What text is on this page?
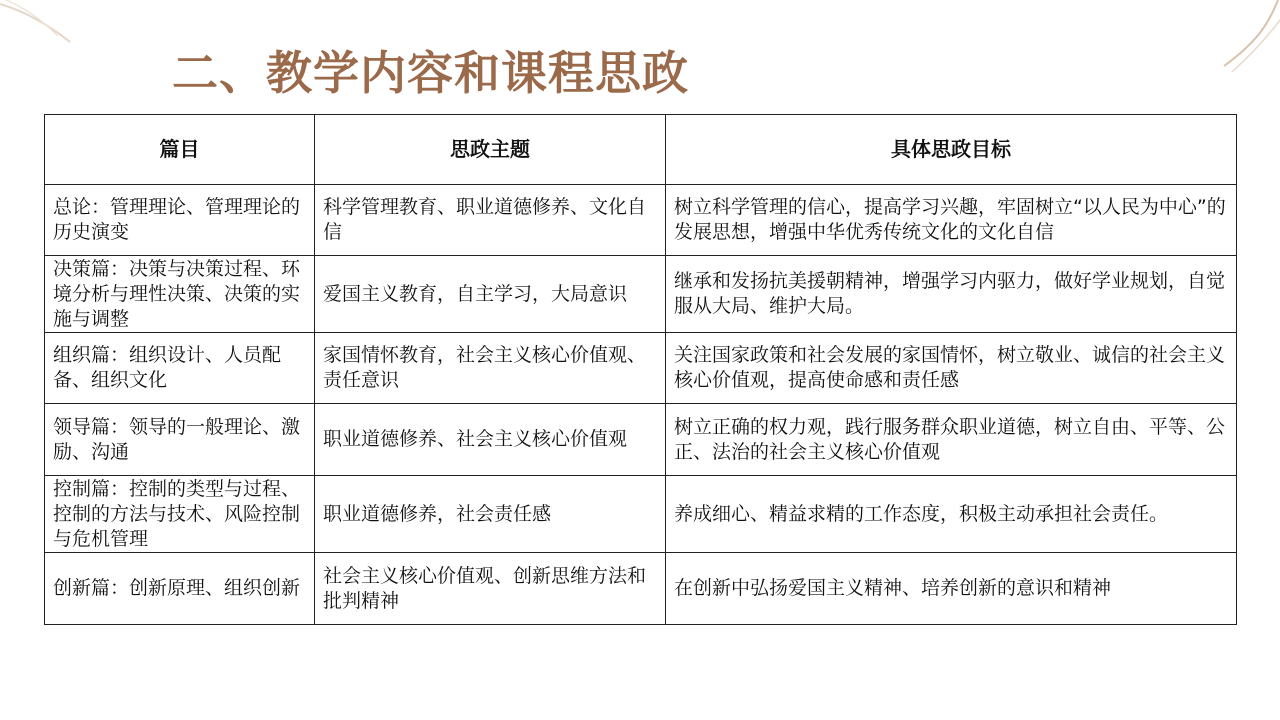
二、教学内容和课程思政
篇目	思政主题	具体思政目标
总论：管理理论、管理理论的历史演变	科学管理教育、职业道德修养、文化自信	树立科学管理的信心，提高学习兴趣，牢固树立“以人民为中心”的发展思想，增强中华优秀传统文化的文化自信
决策篇：决策与决策过程、环境分析与理性决策、决策的实施与调整	爱国主义教育，自主学习，大局意识	继承和发扬抗美援朝精神，增强学习内驱力，做好学业规划，自觉服从大局、维护大局。
组织篇：组织设计、人员配备、组织文化	家国情怀教育，社会主义核心价值观、责任意识	关注国家政策和社会发展的家国情怀，树立敬业、诚信的社会主义核心价值观，提高使命感和责任感
领导篇：领导的一般理论、激励、沟通	职业道德修养、社会主义核心价值观	树立正确的权力观，践行服务群众职业道德，树立自由、平等、公正、法治的社会主义核心价值观
控制篇：控制的类型与过程、控制的方法与技术、风险控制与危机管理	职业道德修养，社会责任感	养成细心、精益求精的工作态度，积极主动承担社会责任。
创新篇：创新原理、组织创新	社会主义核心价值观、创新思维方法和批判精神	在创新中弘扬爱国主义精神、培养创新的意识和精神
